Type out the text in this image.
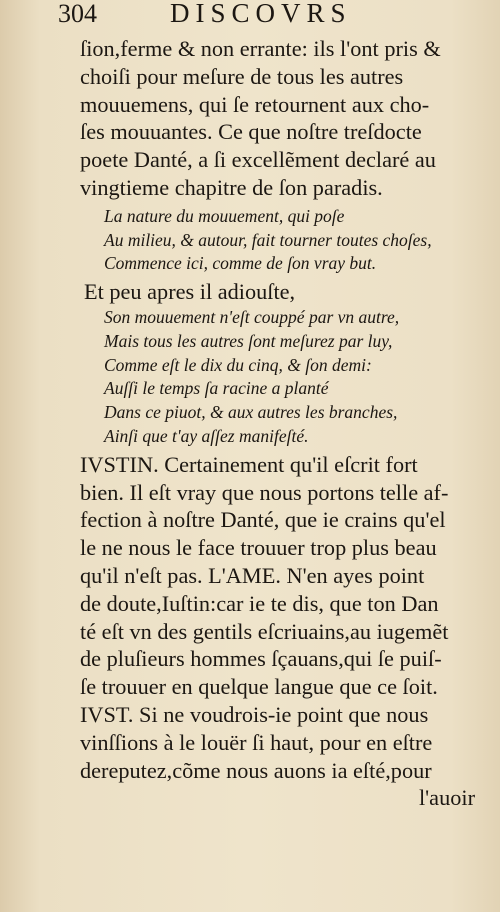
304	DISCOVRS
ſion,ferme & non errante: ils l'ont pris &
choiſi pour meſure de tous les autres
mouuemens, qui ſe retournent aux cho-
ſes mouuantes. Ce que noſtre treſdocte
poete Danté, a ſi excellẽment declaré au
vingtieme chapitre de ſon paradis.
La nature du mouuement, qui poſe
Au milieu, & autour, fait tourner toutes choſes,
Commence ici, comme de ſon vray but.
Et peu apres il adiouſte,
Son mouuement n'eſt couppé par vn autre,
Mais tous les autres ſont meſurez par luy,
Comme eſt le dix du cinq, & ſon demi:
Auſſi le temps ſa racine a planté
Dans ce piuot, & aux autres les branches,
Ainſi que t'ay aſſez manifeſté.
IVSTIN. Certainement qu'il eſcrit fort
bien. Il eſt vray que nous portons telle af-
fection à noſtre Danté, que ie crains qu'el
le ne nous le face trouuer trop plus beau
qu'il n'eſt pas. L'AME. N'en ayes point
de doute,Iuſtin:car ie te dis, que ton Dan
té eſt vn des gentils eſcriuains,au iugemẽt
de pluſieurs hommes ſçauans,qui ſe puiſ-
ſe trouuer en quelque langue que ce ſoit.
IVST. Si ne voudrois-ie point que nous
vinſſions à le louër ſi haut, pour en eſtre
dereputez,cõme nous auons ia eſté,pour
l'auoir
